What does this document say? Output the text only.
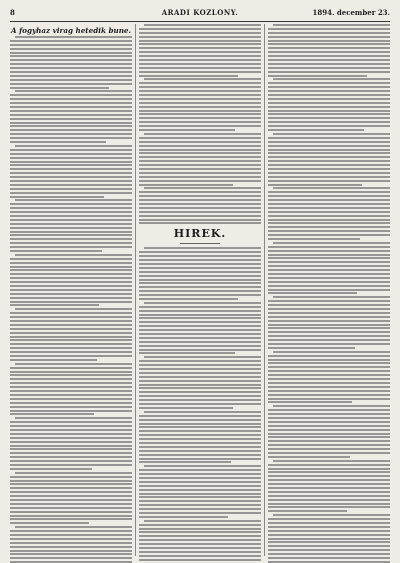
8	ARADI KOZLONY.	1894. december 23.
A fogyhaz virag hetedik bune.
HIREK.
